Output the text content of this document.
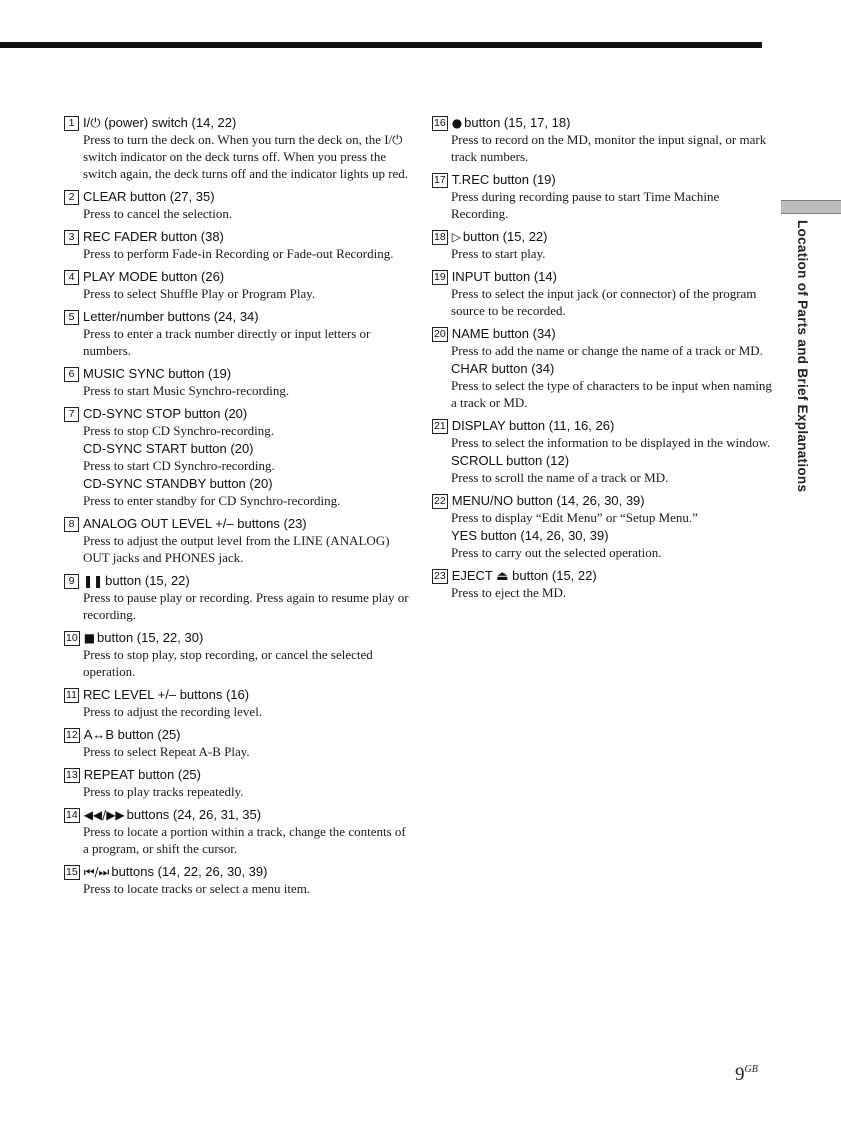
Location of Parts and Brief Explanations
1 I/⏻ (power) switch (14, 22)
Press to turn the deck on. When you turn the deck on, the I/⏻ switch indicator on the deck turns off. When you press the switch again, the deck turns off and the indicator lights up red.
2 CLEAR button (27, 35)
Press to cancel the selection.
3 REC FADER button (38)
Press to perform Fade-in Recording or Fade-out Recording.
4 PLAY MODE button (26)
Press to select Shuffle Play or Program Play.
5 Letter/number buttons (24, 34)
Press to enter a track number directly or input letters or numbers.
6 MUSIC SYNC button (19)
Press to start Music Synchro-recording.
7 CD-SYNC STOP button (20)
Press to stop CD Synchro-recording.
CD-SYNC START button (20)
Press to start CD Synchro-recording.
CD-SYNC STANDBY button (20)
Press to enter standby for CD Synchro-recording.
8 ANALOG OUT LEVEL +/– buttons (23)
Press to adjust the output level from the LINE (ANALOG) OUT jacks and PHONES jack.
9 ❚❚ button (15, 22)
Press to pause play or recording. Press again to resume play or recording.
10 ■ button (15, 22, 30)
Press to stop play, stop recording, or cancel the selected operation.
11 REC LEVEL +/– buttons (16)
Press to adjust the recording level.
12 A↔B button (25)
Press to select Repeat A-B Play.
13 REPEAT button (25)
Press to play tracks repeatedly.
14 ◀◀/▶▶ buttons (24, 26, 31, 35)
Press to locate a portion within a track, change the contents of a program, or shift the cursor.
15 ⏮/⏭ buttons (14, 22, 26, 30, 39)
Press to locate tracks or select a menu item.
16 ● button (15, 17, 18)
Press to record on the MD, monitor the input signal, or mark track numbers.
17 T.REC button (19)
Press during recording pause to start Time Machine Recording.
18 ▷ button (15, 22)
Press to start play.
19 INPUT button (14)
Press to select the input jack (or connector) of the program source to be recorded.
20 NAME button (34)
Press to add the name or change the name of a track or MD.
CHAR button (34)
Press to select the type of characters to be input when naming a track or MD.
21 DISPLAY button (11, 16, 26)
Press to select the information to be displayed in the window.
SCROLL button (12)
Press to scroll the name of a track or MD.
22 MENU/NO button (14, 26, 30, 39)
Press to display “Edit Menu” or “Setup Menu.”
YES button (14, 26, 30, 39)
Press to carry out the selected operation.
23 EJECT ⏏ button (15, 22)
Press to eject the MD.
$9^{GB}$
